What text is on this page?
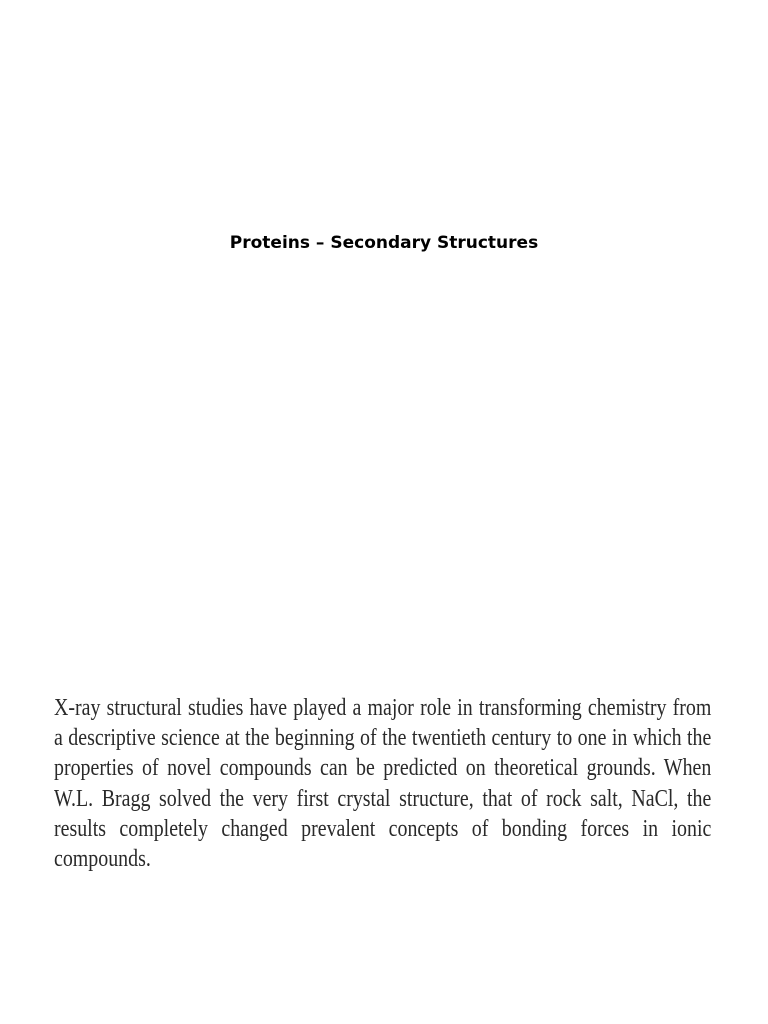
Proteins – Secondary Structures

X-ray structural studies have played a major role in transforming chemistry from a descriptive science at the beginning of the twentieth century to one in which the properties of novel compounds can be predicted on theoretical grounds. When W.L. Bragg solved the very first crystal structure, that of rock salt, NaCl, the results completely changed prevalent concepts of bonding forces in ionic compounds.
